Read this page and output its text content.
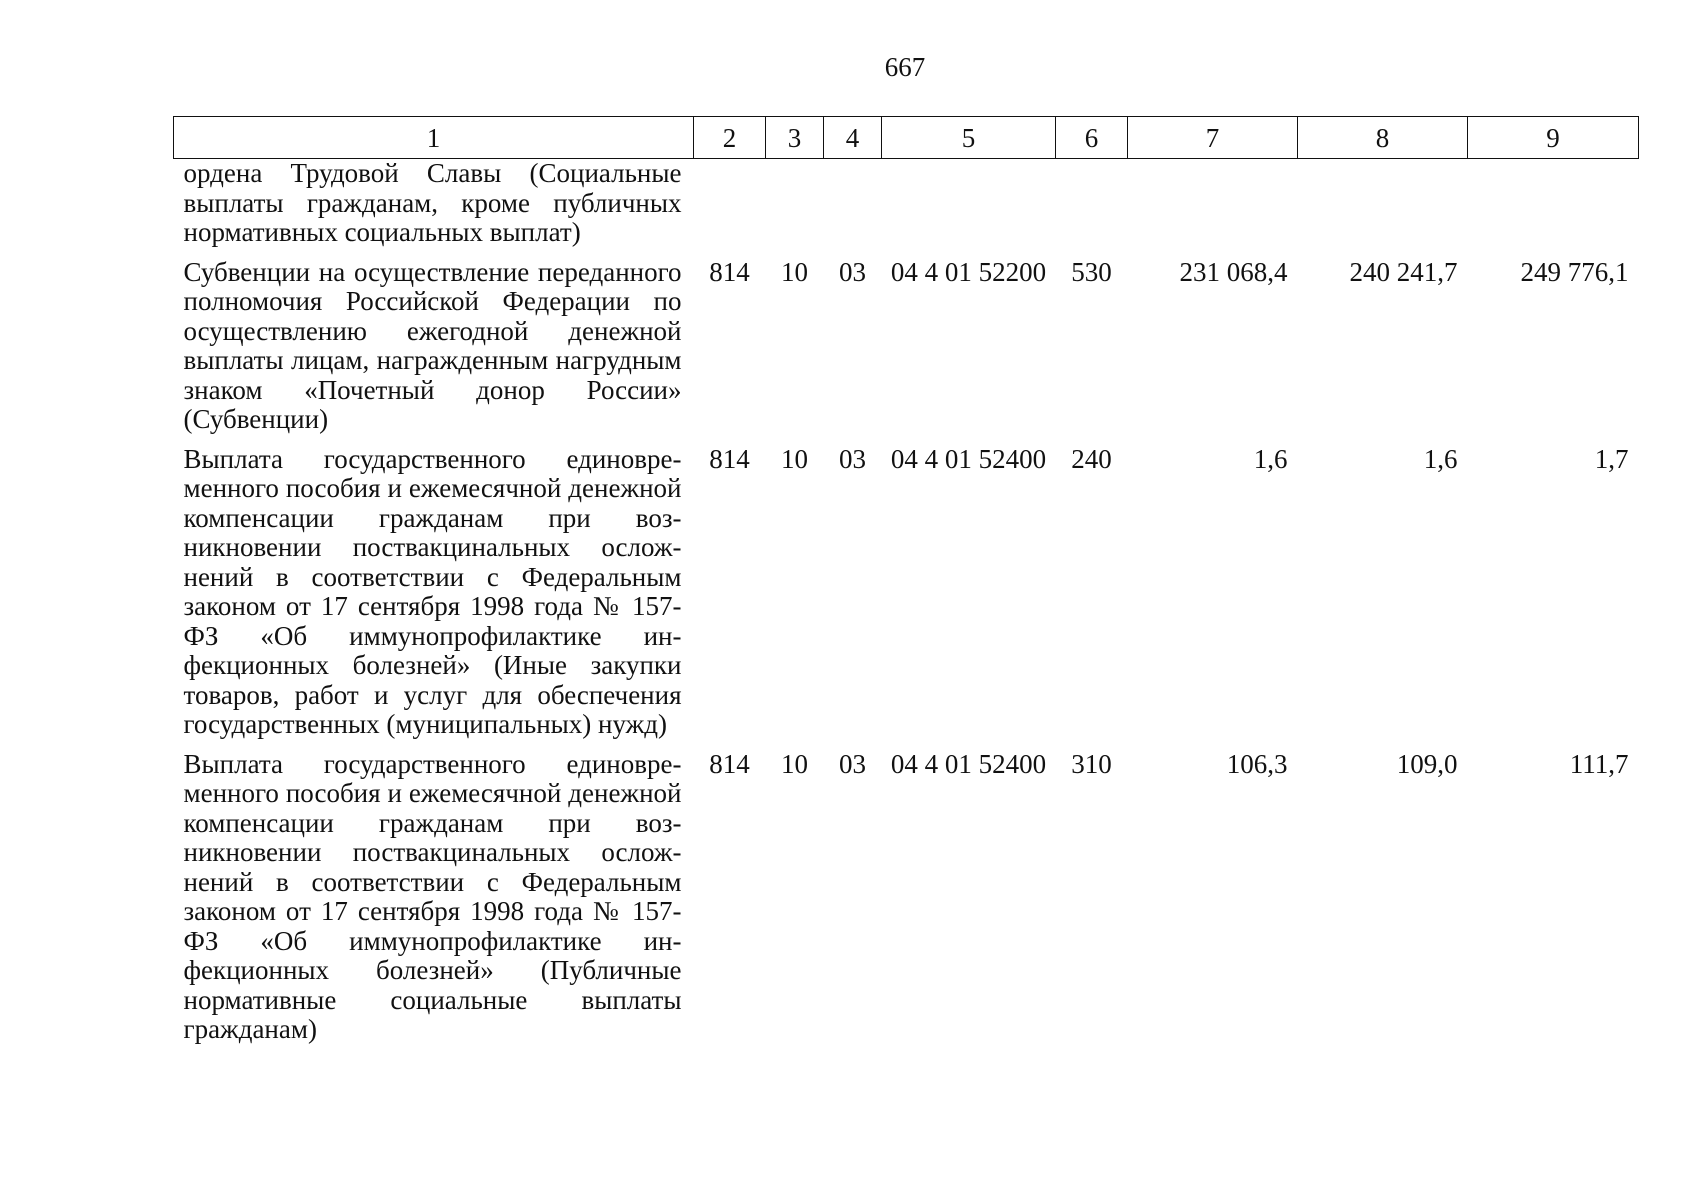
667
1	2	3	4	5	6	7	8	9
ордена Трудовой Славы (Социальные выплаты гражданам, кроме публичных нормативных социальных выплат)								
Субвенции на осуществление переданного полномочия Российской Федерации по осуществлению ежегодной денежной выплаты лицам, награжденным нагрудным знаком «Почетный донор России» (Субвенции)	814	10	03	04 4 01 52200	530	231 068,4	240 241,7	249 776,1
Выплата государственного единовременного пособия и ежемесячной денежной компенсации гражданам при возникновении поствакцинальных осложнений в соответствии с Федеральным законом от 17 сентября 1998 года № 157-ФЗ «Об иммунопрофилактике инфекционных болезней» (Иные закупки товаров, работ и услуг для обеспечения государственных (муниципальных) нужд)	814	10	03	04 4 01 52400	240	1,6	1,6	1,7
Выплата государственного единовременного пособия и ежемесячной денежной компенсации гражданам при возникновении поствакцинальных осложнений в соответствии с Федеральным законом от 17 сентября 1998 года № 157-ФЗ «Об иммунопрофилактике инфекционных болезней» (Публичные нормативные социальные выплаты гражданам)	814	10	03	04 4 01 52400	310	106,3	109,0	111,7
